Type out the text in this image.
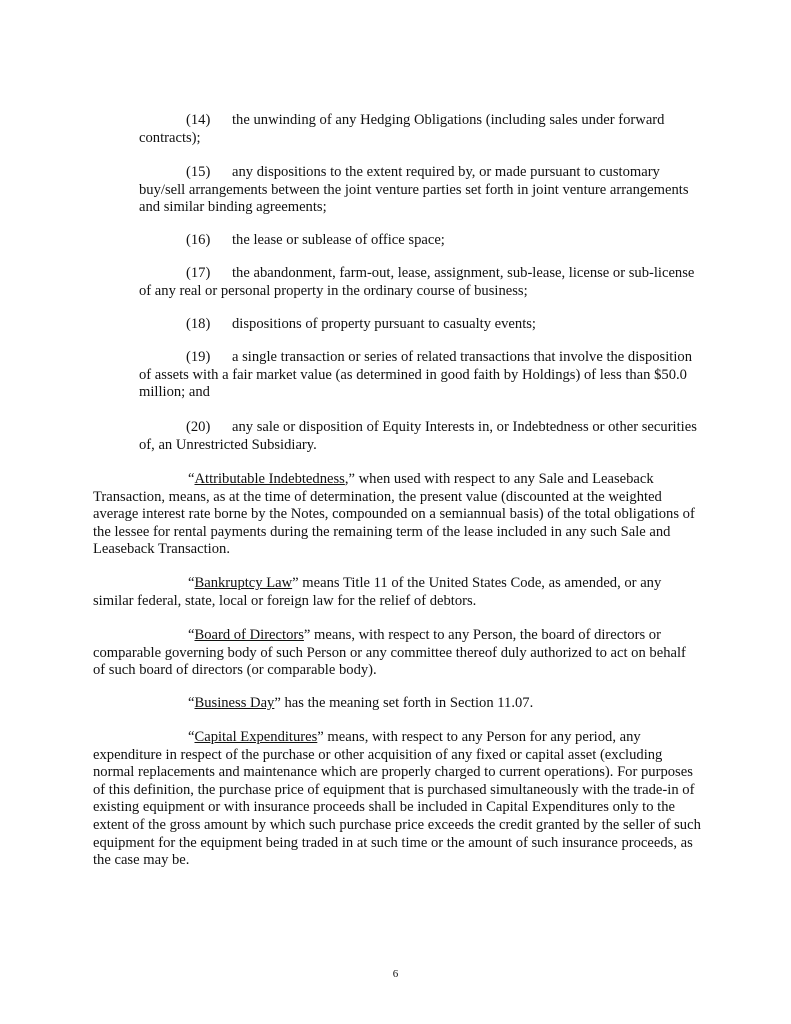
(14) the unwinding of any Hedging Obligations (including sales under forward contracts);

(15) any dispositions to the extent required by, or made pursuant to customary buy/sell arrangements between the joint venture parties set forth in joint venture arrangements and similar binding agreements;

(16) the lease or sublease of office space;

(17) the abandonment, farm-out, lease, assignment, sub-lease, license or sub-license of any real or personal property in the ordinary course of business;

(18) dispositions of property pursuant to casualty events;

(19) a single transaction or series of related transactions that involve the disposition of assets with a fair market value (as determined in good faith by Holdings) of less than $50.0 million; and

(20) any sale or disposition of Equity Interests in, or Indebtedness or other securities of, an Unrestricted Subsidiary.

“Attributable Indebtedness,” when used with respect to any Sale and Leaseback Transaction, means, as at the time of determination, the present value (discounted at the weighted average interest rate borne by the Notes, compounded on a semiannual basis) of the total obligations of the lessee for rental payments during the remaining term of the lease included in any such Sale and Leaseback Transaction.

“Bankruptcy Law” means Title 11 of the United States Code, as amended, or any similar federal, state, local or foreign law for the relief of debtors.

“Board of Directors” means, with respect to any Person, the board of directors or comparable governing body of such Person or any committee thereof duly authorized to act on behalf of such board of directors (or comparable body).

“Business Day” has the meaning set forth in Section 11.07.

“Capital Expenditures” means, with respect to any Person for any period, any expenditure in respect of the purchase or other acquisition of any fixed or capital asset (excluding normal replacements and maintenance which are properly charged to current operations). For purposes of this definition, the purchase price of equipment that is purchased simultaneously with the trade-in of existing equipment or with insurance proceeds shall be included in Capital Expenditures only to the extent of the gross amount by which such purchase price exceeds the credit granted by the seller of such equipment for the equipment being traded in at such time or the amount of such insurance proceeds, as the case may be.

6
